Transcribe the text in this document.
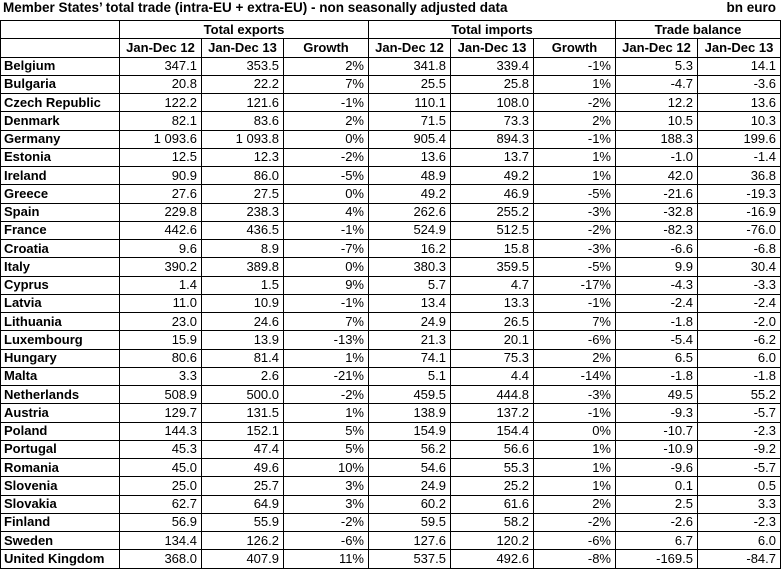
Member States’ total trade (intra-EU + extra-EU) - non seasonally adjusted data	bn euro
	Total exports			Total imports			Trade balance	
	Jan-Dec 12	Jan-Dec 13	Growth	Jan-Dec 12	Jan-Dec 13	Growth	Jan-Dec 12	Jan-Dec 13
Belgium	347.1	353.5	2%	341.8	339.4	-1%	5.3	14.1
Bulgaria	20.8	22.2	7%	25.5	25.8	1%	-4.7	-3.6
Czech Republic	122.2	121.6	-1%	110.1	108.0	-2%	12.2	13.6
Denmark	82.1	83.6	2%	71.5	73.3	2%	10.5	10.3
Germany	1 093.6	1 093.8	0%	905.4	894.3	-1%	188.3	199.6
Estonia	12.5	12.3	-2%	13.6	13.7	1%	-1.0	-1.4
Ireland	90.9	86.0	-5%	48.9	49.2	1%	42.0	36.8
Greece	27.6	27.5	0%	49.2	46.9	-5%	-21.6	-19.3
Spain	229.8	238.3	4%	262.6	255.2	-3%	-32.8	-16.9
France	442.6	436.5	-1%	524.9	512.5	-2%	-82.3	-76.0
Croatia	9.6	8.9	-7%	16.2	15.8	-3%	-6.6	-6.8
Italy	390.2	389.8	0%	380.3	359.5	-5%	9.9	30.4
Cyprus	1.4	1.5	9%	5.7	4.7	-17%	-4.3	-3.3
Latvia	11.0	10.9	-1%	13.4	13.3	-1%	-2.4	-2.4
Lithuania	23.0	24.6	7%	24.9	26.5	7%	-1.8	-2.0
Luxembourg	15.9	13.9	-13%	21.3	20.1	-6%	-5.4	-6.2
Hungary	80.6	81.4	1%	74.1	75.3	2%	6.5	6.0
Malta	3.3	2.6	-21%	5.1	4.4	-14%	-1.8	-1.8
Netherlands	508.9	500.0	-2%	459.5	444.8	-3%	49.5	55.2
Austria	129.7	131.5	1%	138.9	137.2	-1%	-9.3	-5.7
Poland	144.3	152.1	5%	154.9	154.4	0%	-10.7	-2.3
Portugal	45.3	47.4	5%	56.2	56.6	1%	-10.9	-9.2
Romania	45.0	49.6	10%	54.6	55.3	1%	-9.6	-5.7
Slovenia	25.0	25.7	3%	24.9	25.2	1%	0.1	0.5
Slovakia	62.7	64.9	3%	60.2	61.6	2%	2.5	3.3
Finland	56.9	55.9	-2%	59.5	58.2	-2%	-2.6	-2.3
Sweden	134.4	126.2	-6%	127.6	120.2	-6%	6.7	6.0
United Kingdom	368.0	407.9	11%	537.5	492.6	-8%	-169.5	-84.7
